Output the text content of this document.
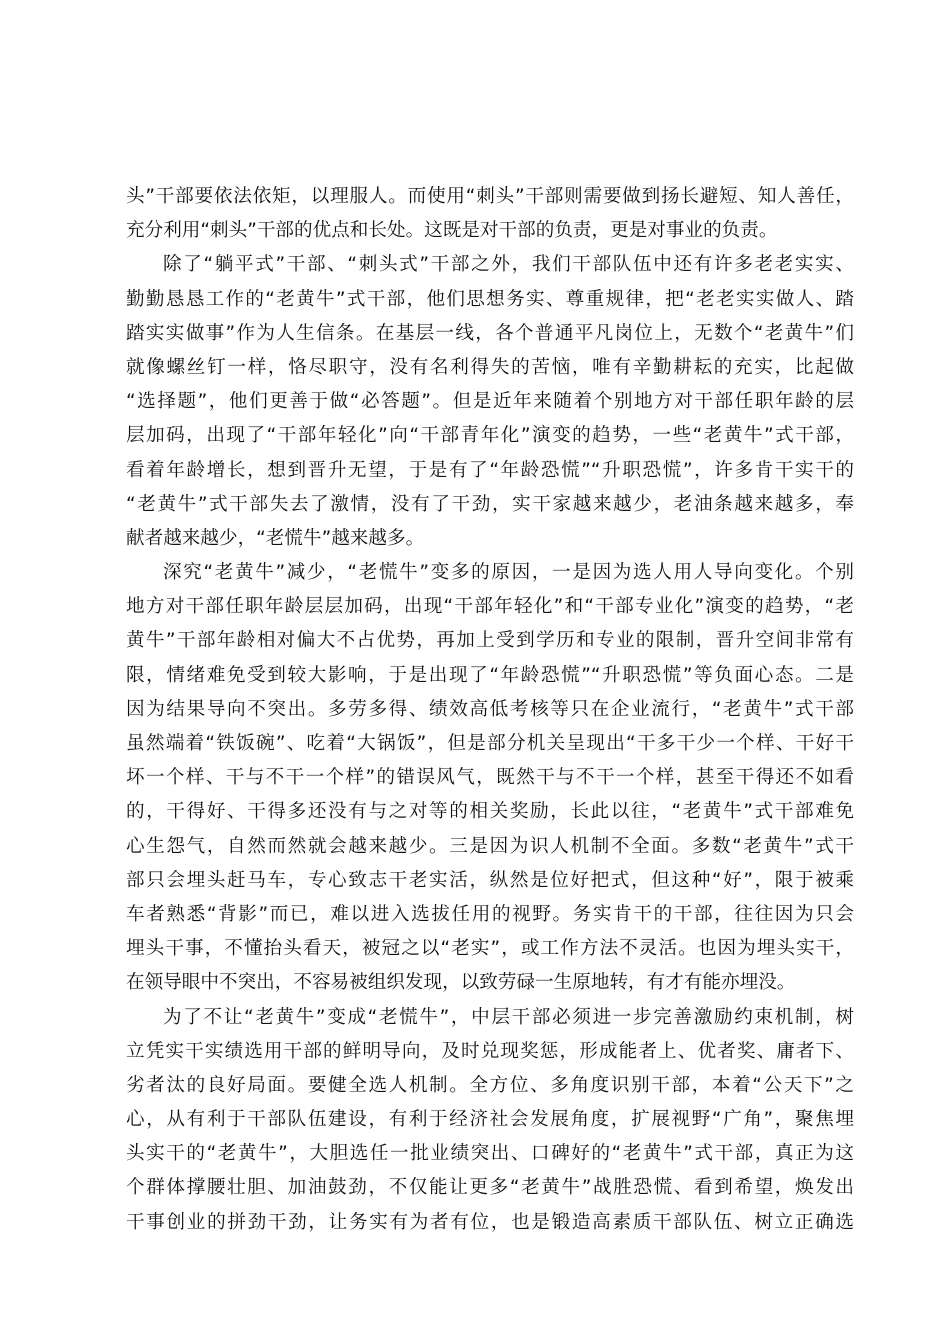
头”干部要依法依矩，以理服人。而使用“刺头”干部则需要做到扬长避短、知人善任，
充分利用“刺头”干部的优点和长处。这既是对干部的负责，更是对事业的负责。
除了“躺平式”干部、“刺头式”干部之外，我们干部队伍中还有许多老老实实、
勤勤恳恳工作的“老黄牛”式干部，他们思想务实、尊重规律，把“老老实实做人、踏
踏实实做事”作为人生信条。在基层一线，各个普通平凡岗位上，无数个“老黄牛”们
就像螺丝钉一样，恪尽职守，没有名利得失的苦恼，唯有辛勤耕耘的充实，比起做
“选择题”，他们更善于做“必答题”。但是近年来随着个别地方对干部任职年龄的层
层加码，出现了“干部年轻化”向“干部青年化”演变的趋势，一些“老黄牛”式干部，
看着年龄增长，想到晋升无望，于是有了“年龄恐慌”“升职恐慌”，许多肯干实干的
“老黄牛”式干部失去了激情，没有了干劲，实干家越来越少，老油条越来越多，奉
献者越来越少，“老慌牛”越来越多。
深究“老黄牛”减少，“老慌牛”变多的原因，一是因为选人用人导向变化。个别
地方对干部任职年龄层层加码，出现“干部年轻化”和“干部专业化”演变的趋势，“老
黄牛”干部年龄相对偏大不占优势，再加上受到学历和专业的限制，晋升空间非常有
限，情绪难免受到较大影响，于是出现了“年龄恐慌”“升职恐慌”等负面心态。二是
因为结果导向不突出。多劳多得、绩效高低考核等只在企业流行，“老黄牛”式干部
虽然端着“铁饭碗”、吃着“大锅饭”，但是部分机关呈现出“干多干少一个样、干好干
坏一个样、干与不干一个样”的错误风气，既然干与不干一个样，甚至干得还不如看
的，干得好、干得多还没有与之对等的相关奖励，长此以往，“老黄牛”式干部难免
心生怨气，自然而然就会越来越少。三是因为识人机制不全面。多数“老黄牛”式干
部只会埋头赶马车，专心致志干老实活，纵然是位好把式，但这种“好”，限于被乘
车者熟悉“背影”而已，难以进入选拔任用的视野。务实肯干的干部，往往因为只会
埋头干事，不懂抬头看天，被冠之以“老实”，或工作方法不灵活。也因为埋头实干，
在领导眼中不突出，不容易被组织发现，以致劳碌一生原地转，有才有能亦埋没。
为了不让“老黄牛”变成“老慌牛”，中层干部必须进一步完善激励约束机制，树
立凭实干实绩选用干部的鲜明导向，及时兑现奖惩，形成能者上、优者奖、庸者下、
劣者汰的良好局面。要健全选人机制。全方位、多角度识别干部，本着“公天下”之
心，从有利于干部队伍建设，有利于经济社会发展角度，扩展视野“广角”，聚焦埋
头实干的“老黄牛”，大胆选任一批业绩突出、口碑好的“老黄牛”式干部，真正为这
个群体撑腰壮胆、加油鼓劲，不仅能让更多“老黄牛”战胜恐慌、看到希望，焕发出
干事创业的拼劲干劲，让务实有为者有位，也是锻造高素质干部队伍、树立正确选
